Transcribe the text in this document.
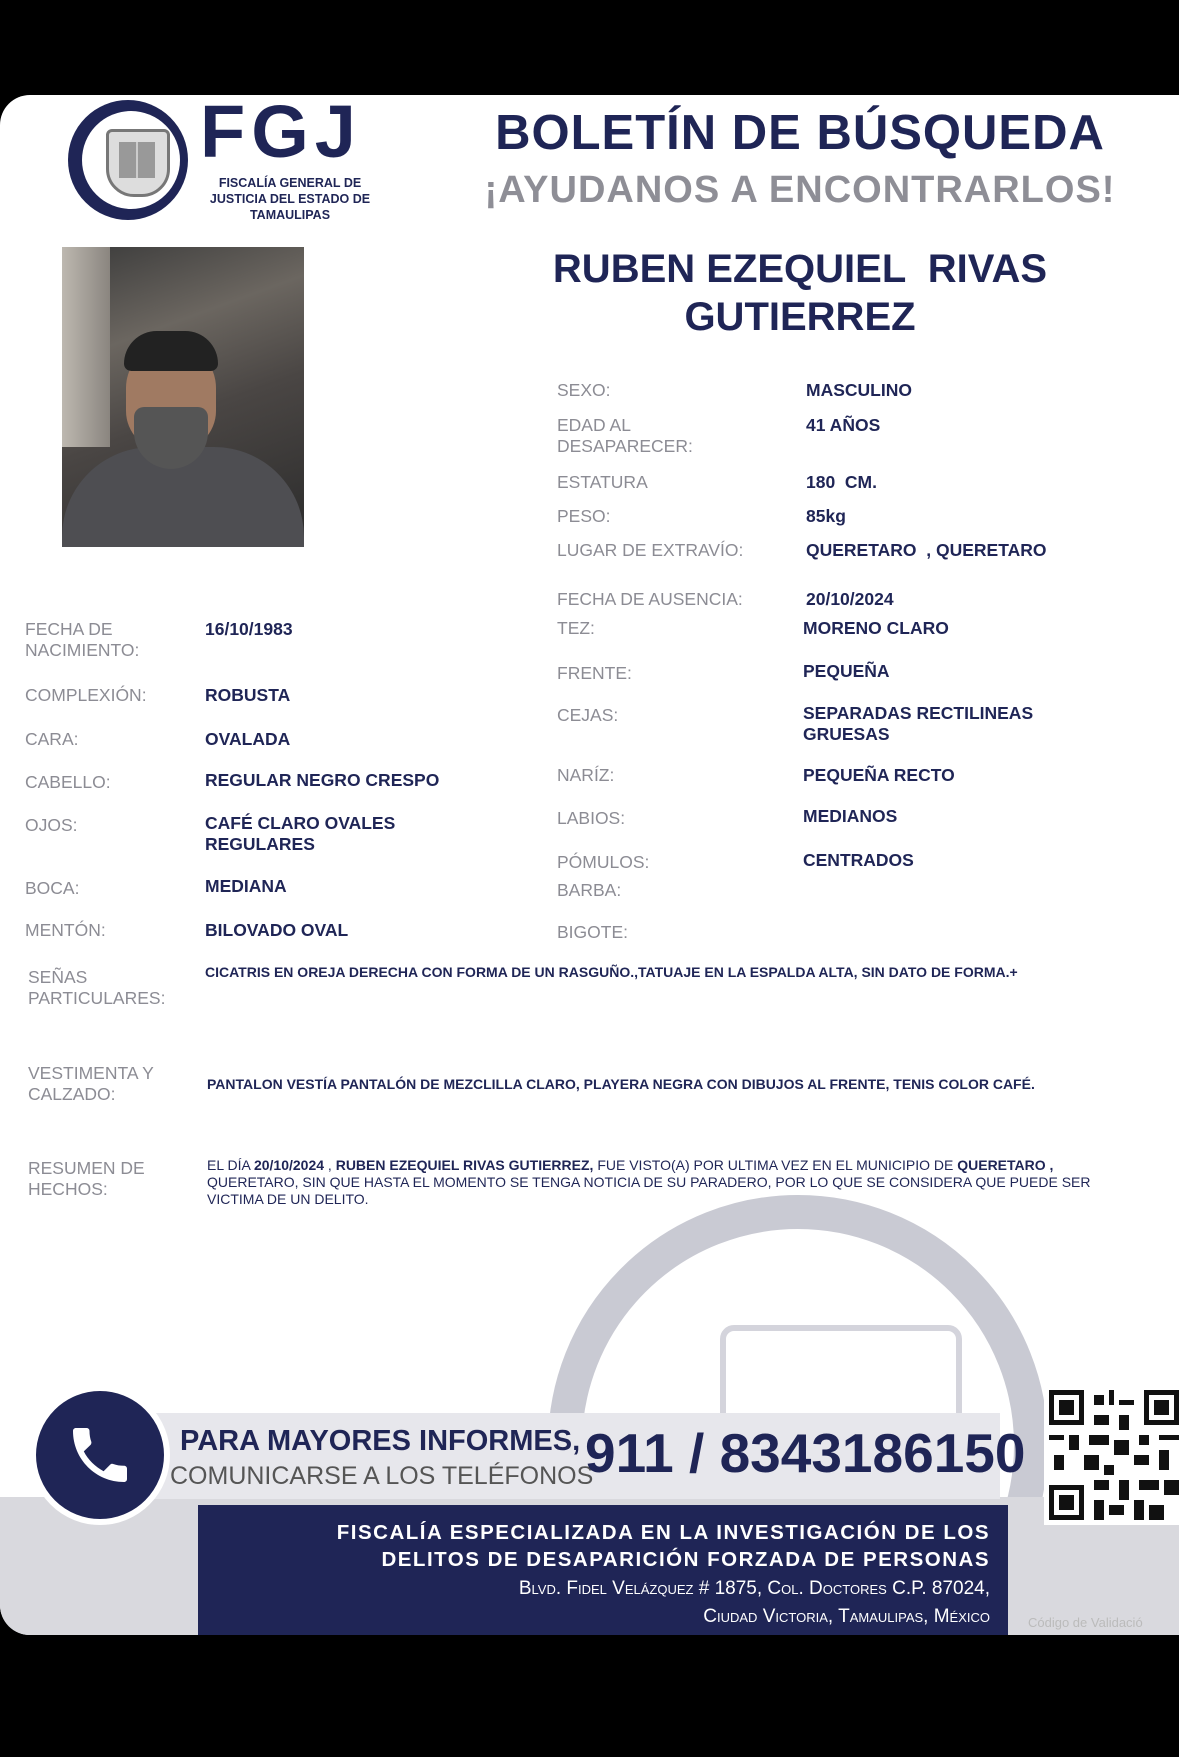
FGJ
FISCALÍA GENERAL DE JUSTICIA DEL ESTADO DE TAMAULIPAS
BOLETÍN DE BÚSQUEDA
¡AYUDANOS A ENCONTRARLOS!
RUBEN EZEQUIEL  RIVAS
GUTIERREZ
SEXO:	MASCULINO
EDAD AL DESAPARECER:
41 AÑOS
ESTATURA	180  CM.
PESO:	85kg
LUGAR DE EXTRAVÍO:	QUERETARO  , QUERETARO
FECHA DE AUSENCIA:	20/10/2024
TEZ:	MORENO CLARO
FRENTE:	PEQUEÑA
CEJAS:	SEPARADAS RECTILINEAS GRUESAS
NARÍZ:	PEQUEÑA RECTO
LABIOS:	MEDIANOS
PÓMULOS:	CENTRADOS
BARBA:
BIGOTE:
FECHA DE NACIMIENTO:
16/10/1983
COMPLEXIÓN:	ROBUSTA
CARA:	OVALADA
CABELLO:	REGULAR NEGRO CRESPO
OJOS:	CAFÉ CLARO OVALES REGULARES
BOCA:	MEDIANA
MENTÓN:	BILOVADO OVAL
SEÑAS PARTICULARES:
CICATRIS EN OREJA DERECHA CON FORMA DE UN RASGUÑO.,TATUAJE EN LA ESPALDA ALTA, SIN DATO DE FORMA.+
VESTIMENTA Y CALZADO:	PANTALON VESTÍA PANTALÓN DE MEZCLILLA CLARO, PLAYERA NEGRA CON DIBUJOS AL FRENTE, TENIS COLOR CAFÉ.
RESUMEN DE HECHOS:
EL DÍA 20/10/2024 , RUBEN EZEQUIEL RIVAS GUTIERREZ, FUE VISTO(A) POR ULTIMA VEZ EN EL MUNICIPIO DE QUERETARO , QUERETARO, SIN QUE HASTA EL MOMENTO SE TENGA NOTICIA DE SU PARADERO, POR LO QUE SE CONSIDERA QUE PUEDE SER VICTIMA DE UN DELITO.
PARA MAYORES INFORMES,
COMUNICARSE A LOS TELÉFONOS
911 / 8343186150
FISCALÍA ESPECIALIZADA EN LA INVESTIGACIÓN DE LOS
DELITOS DE DESAPARICIÓN FORZADA DE PERSONAS
Blvd. Fidel Velázquez # 1875, Col. Doctores C.P. 87024,
Ciudad Victoria, Tamaulipas, México	Código de Validació
